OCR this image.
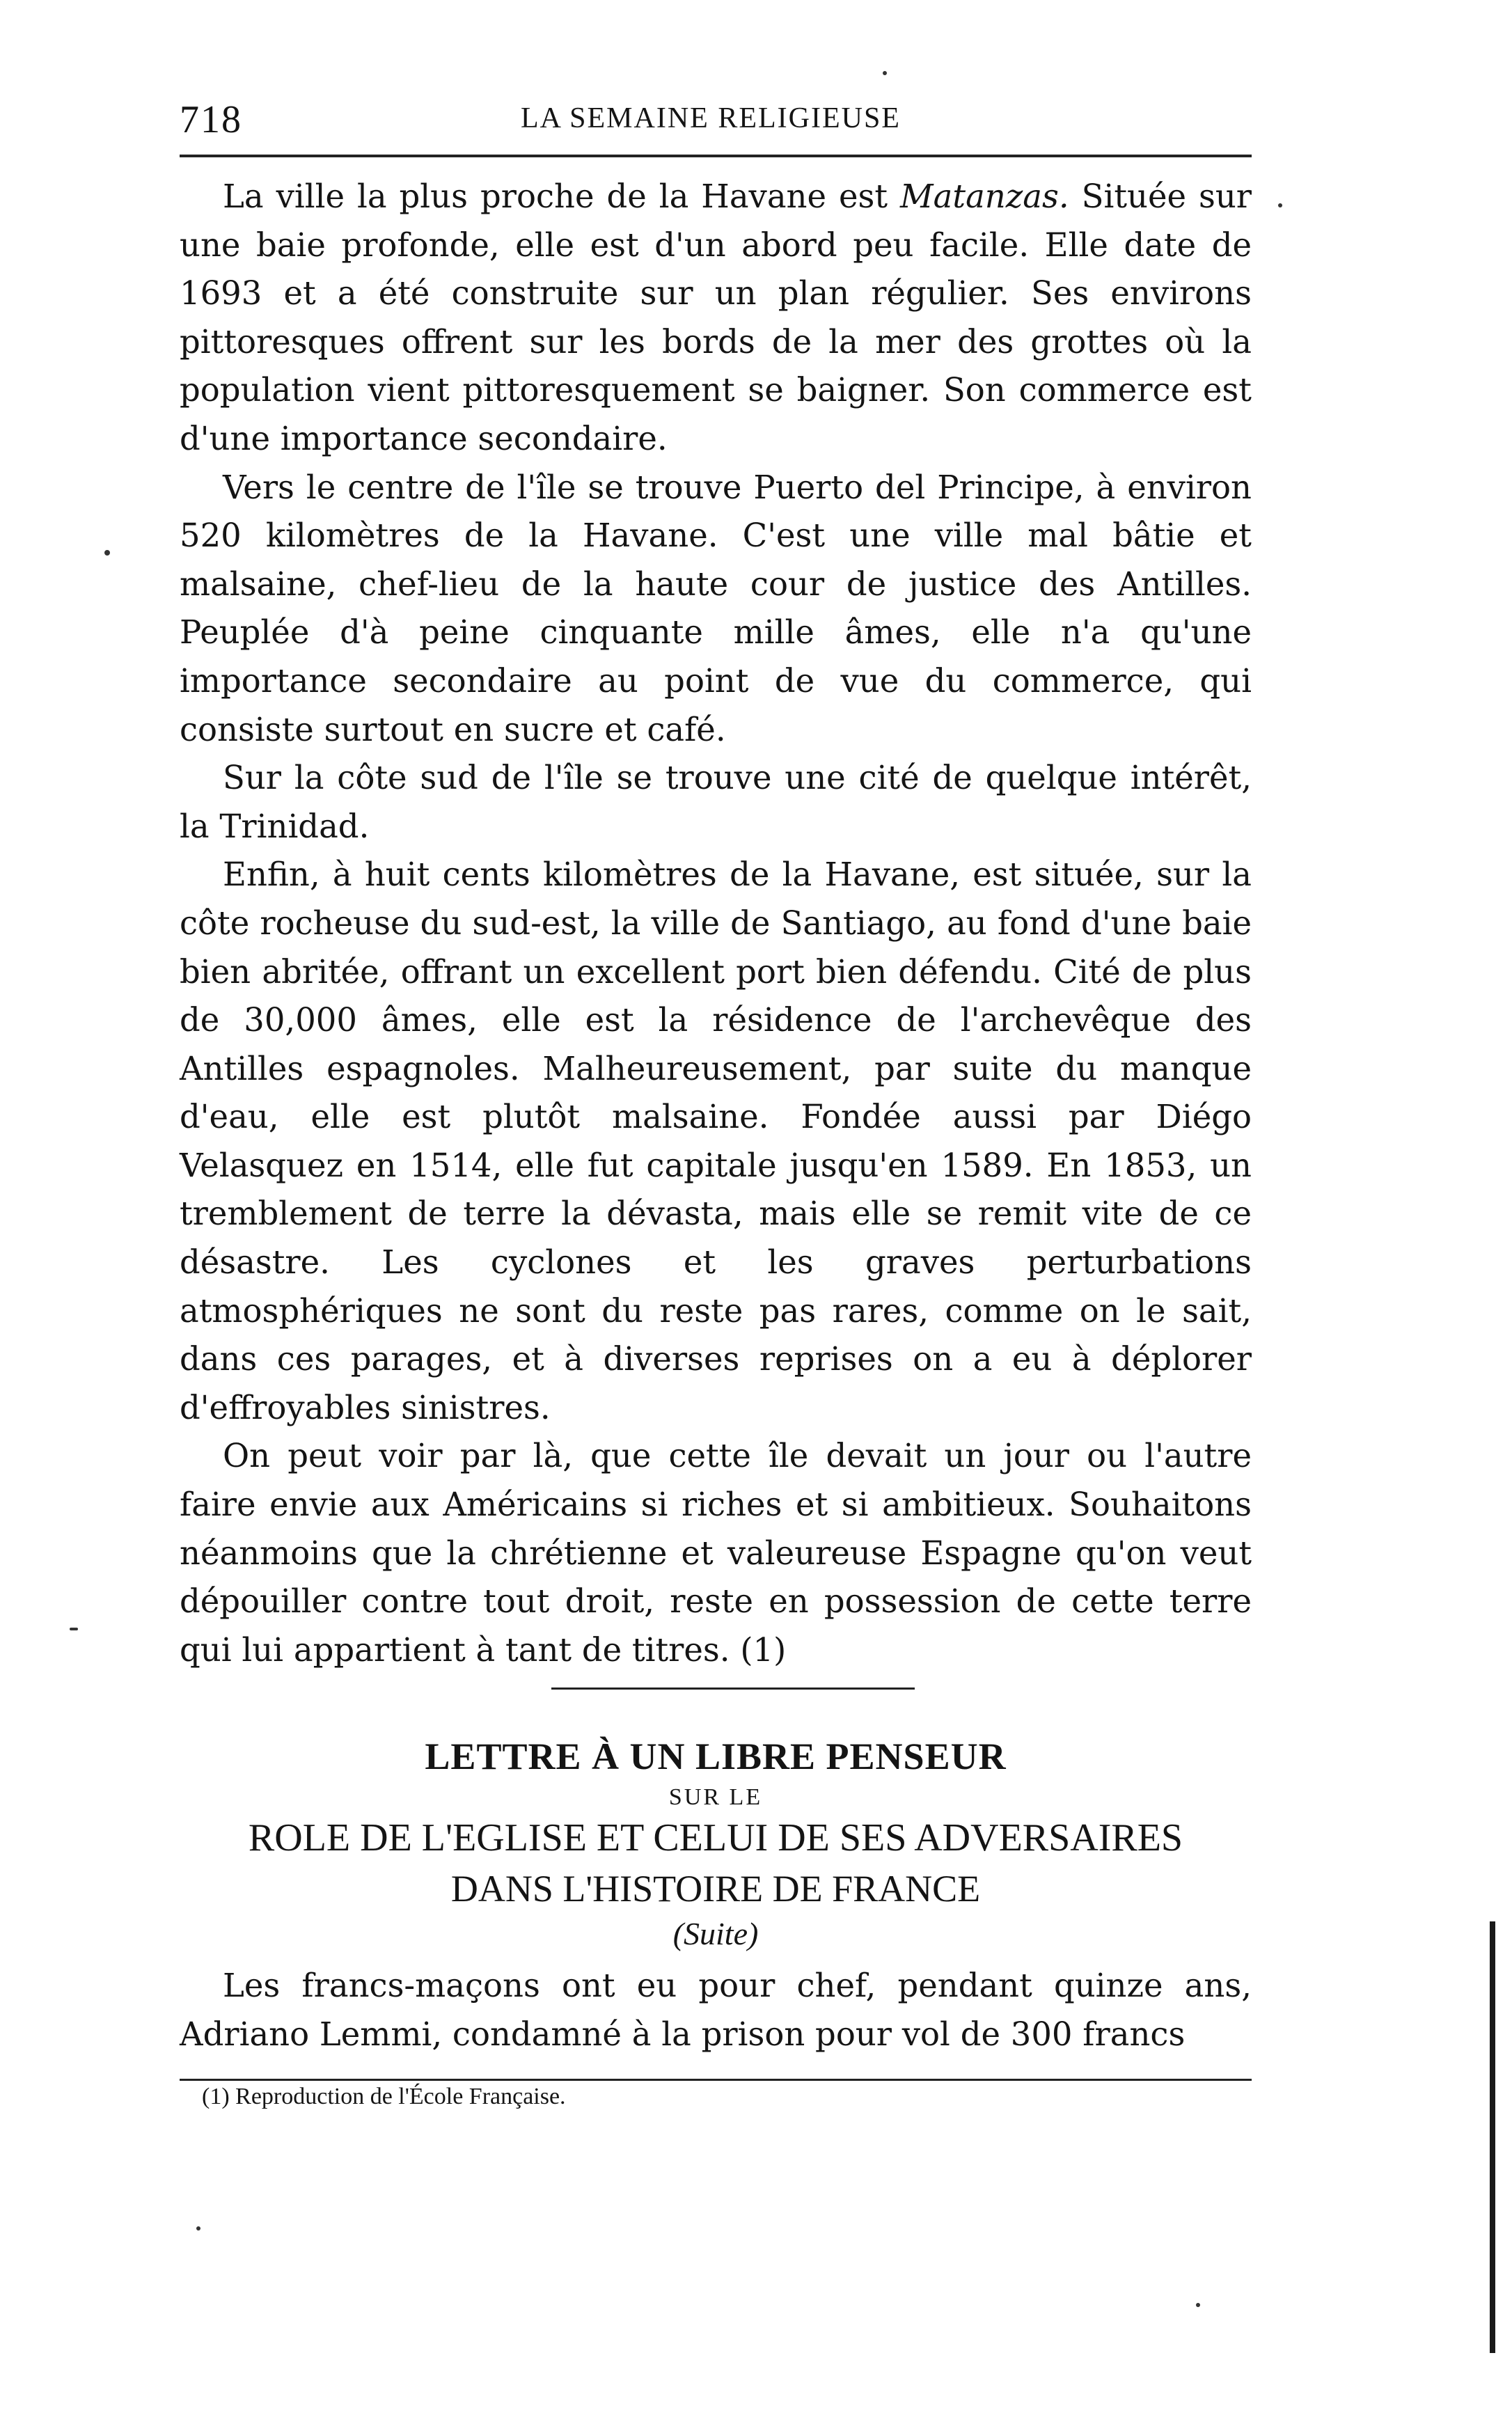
718	LA SEMAINE RELIGIEUSE

La ville la plus proche de la Havane est Matanzas. Située sur une baie profonde, elle est d'un abord peu facile. Elle date de 1693 et a été construite sur un plan régulier. Ses environs pittoresques offrent sur les bords de la mer des grottes où la population vient pittoresquement se baigner. Son commerce est d'une importance secondaire.

Vers le centre de l'île se trouve Puerto del Principe, à environ 520 kilomètres de la Havane. C'est une ville mal bâtie et malsaine, chef-lieu de la haute cour de justice des Antilles. Peuplée d'à peine cinquante mille âmes, elle n'a qu'une importance secondaire au point de vue du commerce, qui consiste surtout en sucre et café.

Sur la côte sud de l'île se trouve une cité de quelque intérêt, la Trinidad.

Enfin, à huit cents kilomètres de la Havane, est située, sur la côte rocheuse du sud-est, la ville de Santiago, au fond d'une baie bien abritée, offrant un excellent port bien défendu. Cité de plus de 30,000 âmes, elle est la résidence de l'archevêque des Antilles espagnoles. Malheureusement, par suite du manque d'eau, elle est plutôt malsaine. Fondée aussi par Diégo Velasquez en 1514, elle fut capitale jusqu'en 1589. En 1853, un tremblement de terre la dévasta, mais elle se remit vite de ce désastre. Les cyclones et les graves perturbations atmosphériques ne sont du reste pas rares, comme on le sait, dans ces parages, et à diverses reprises on a eu à déplorer d'effroyables sinistres.

On peut voir par là, que cette île devait un jour ou l'autre faire envie aux Américains si riches et si ambitieux. Souhaitons néanmoins que la chrétienne et valeureuse Espagne qu'on veut dépouiller contre tout droit, reste en possession de cette terre qui lui appartient à tant de titres. (1)

LETTRE À UN LIBRE PENSEUR
SUR LE
ROLE DE L'EGLISE ET CELUI DE SES ADVERSAIRES
DANS L'HISTOIRE DE FRANCE
(Suite)

Les francs-maçons ont eu pour chef, pendant quinze ans, Adriano Lemmi, condamné à la prison pour vol de 300 francs

(1) Reproduction de l'École Française.
